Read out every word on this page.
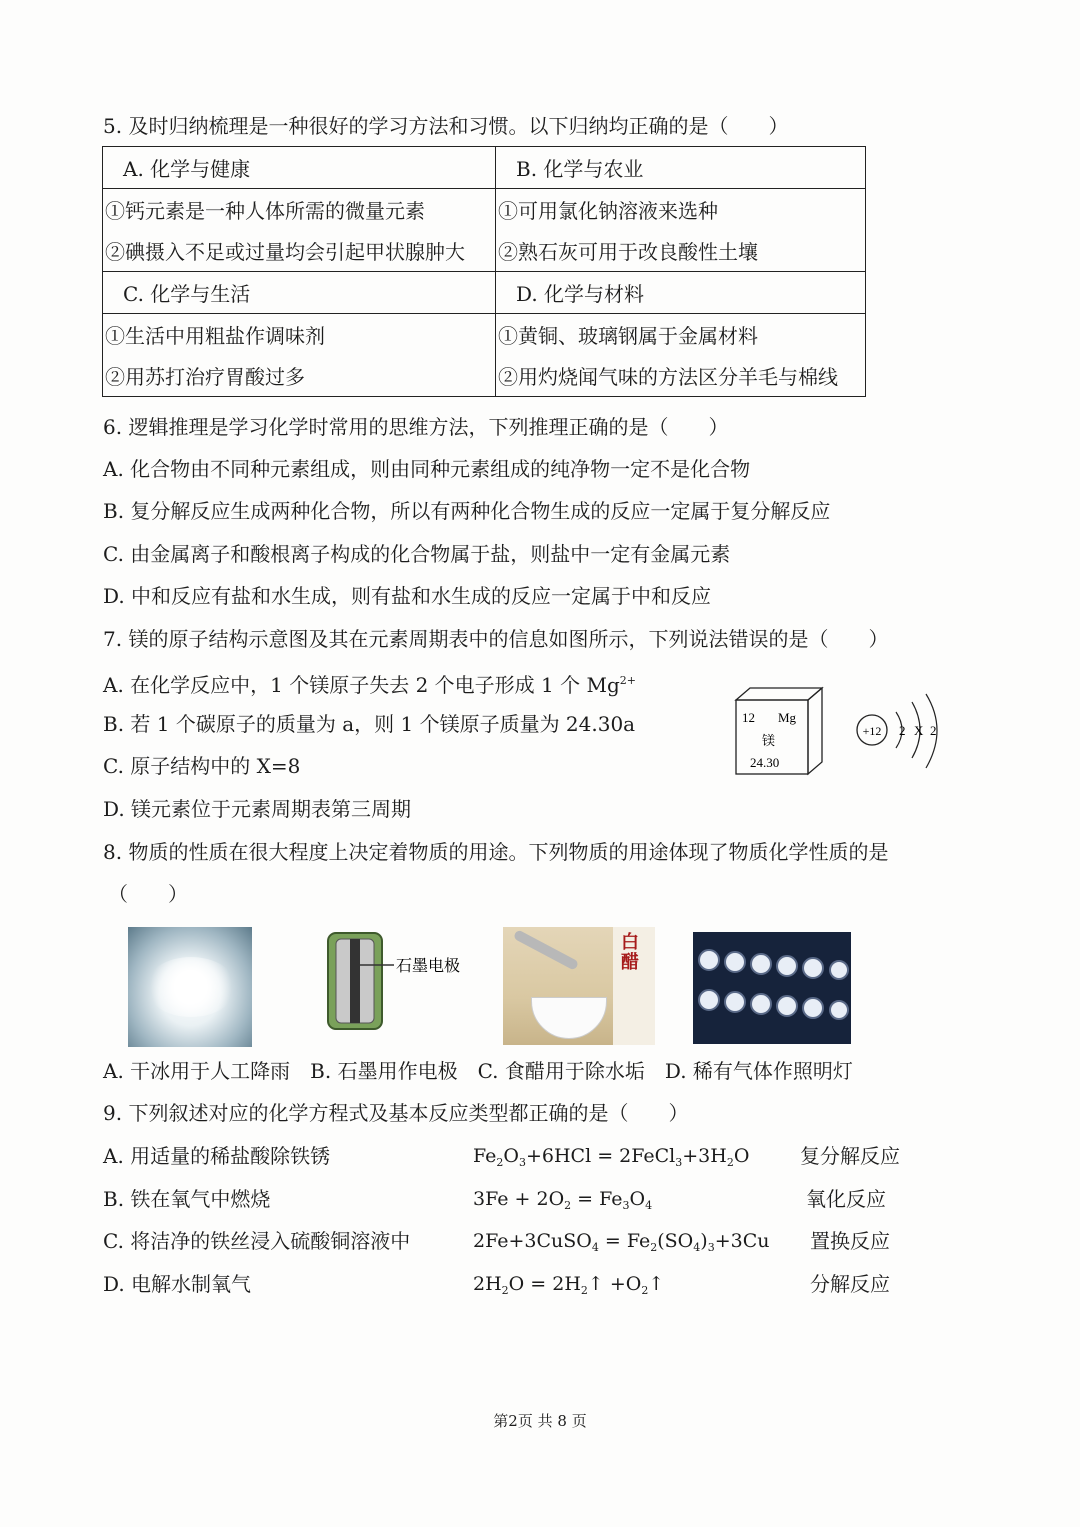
5. 及时归纳梳理是一种很好的学习方法和习惯。以下归纳均正确的是（　　）
A. 化学与健康	B. 化学与农业
①钙元素是一种人体所需的微量元素	①可用氯化钠溶液来选种
②碘摄入不足或过量均会引起甲状腺肿大	②熟石灰可用于改良酸性土壤
C. 化学与生活	D. 化学与材料
①生活中用粗盐作调味剂	①黄铜、玻璃钢属于金属材料
②用苏打治疗胃酸过多	②用灼烧闻气味的方法区分羊毛与棉线
6. 逻辑推理是学习化学时常用的思维方法，下列推理正确的是（　　）
A. 化合物由不同种元素组成，则由同种元素组成的纯净物一定不是化合物
B. 复分解反应生成两种化合物，所以有两种化合物生成的反应一定属于复分解反应
C. 由金属离子和酸根离子构成的化合物属于盐，则盐中一定有金属元素
D. 中和反应有盐和水生成，则有盐和水生成的反应一定属于中和反应
7. 镁的原子结构示意图及其在元素周期表中的信息如图所示，下列说法错误的是（　　）
A. 在化学反应中，1 个镁原子失去 2 个电子形成 1 个 $Mg^{2+}$
B. 若 1 个碳原子的质量为 a，则 1 个镁原子质量为 24.30a
C. 原子结构中的 X=8
D. 镁元素位于元素周期表第三周期
12 Mg
镁
24.30
+12 2 X 2
8. 物质的性质在很大程度上决定着物质的用途。下列物质的用途体现了物质化学性质的是
（　　）
石墨电极
白醋
A. 干冰用于人工降雨　B. 石墨用作电极　C. 食醋用于除水垢　D. 稀有气体作照明灯
9. 下列叙述对应的化学方程式及基本反应类型都正确的是（　　）
A. 用适量的稀盐酸除铁锈	$Fe_2O_3+6HCl$ = $2FeCl_3+3H_2O$	复分解反应
B. 铁在氧气中燃烧	$3Fe + 2O_2 = Fe_3O_4$	氧化反应
C. 将洁净的铁丝浸入硫酸铜溶液中	2Fe+3CuSO$_4$ = $Fe_2(SO_4)_3+3Cu$ 置换反应
D. 电解水制氧气	$2H_2O$ = $2H_2↑$ $+O_2↑$	分解反应
第2页 共 8 页
